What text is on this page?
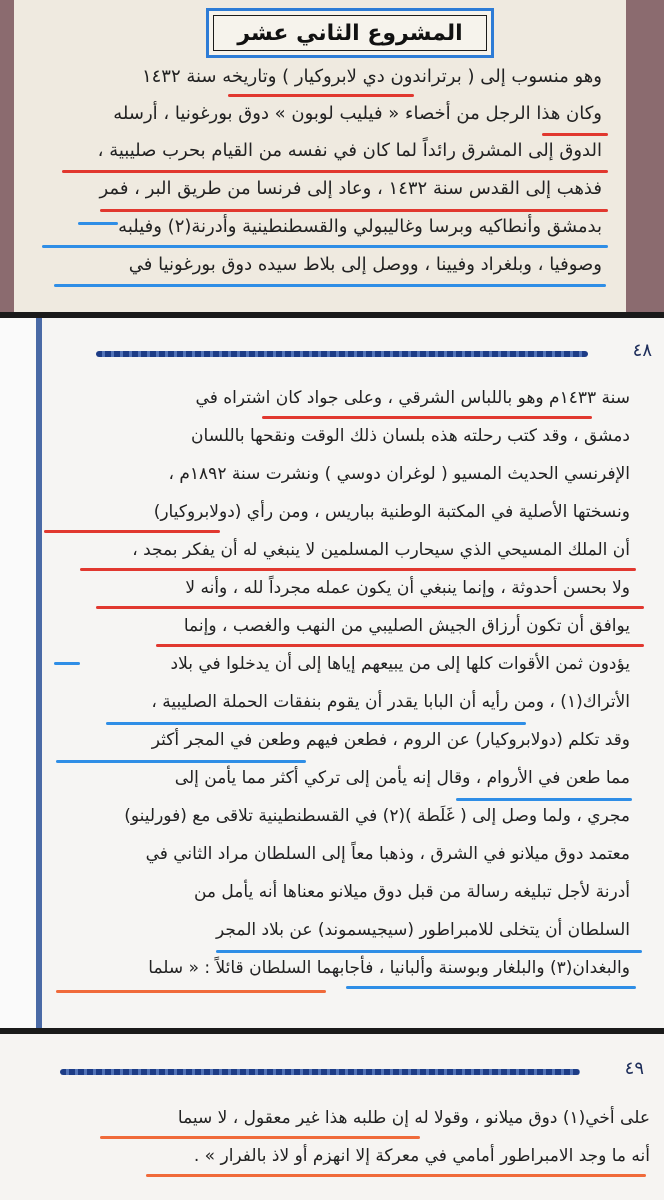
المشروع الثاني عشر
وهو منسوب إلى ( برتراندون دي لابروكيار ) وتاريخه سنة ١٤٣٢
وكان هذا الرجل من أخصاء « فيليب لوبون » دوق بورغونيا ، أرسله
الدوق إلى المشرق رائداً لما كان في نفسه من القيام بحرب صليبية ،
فذهب إلى القدس سنة ١٤٣٢ ، وعاد إلى فرنسا من طريق البر ، فمر
بدمشق وأنطاكيه وبرسا وغاليبولي والقسطنطينية وأدرنة(٢) وفيلبه
وصوفيا ، وبلغراد وفيينا ، ووصل إلى بلاط سيده دوق بورغونيا في
٤٨
سنة ١٤٣٣م وهو باللباس الشرقي ، وعلى جواد كان اشتراه في
دمشق ، وقد كتب رحلته هذه بلسان ذلك الوقت ونقحها باللسان
الإفرنسي الحديث المسيو ( لوغران دوسي ) ونشرت سنة ١٨٩٢م ،
ونسختها الأصلية في المكتبة الوطنية بباريس ، ومن رأي (دولابروكيار)
أن الملك المسيحي الذي سيحارب المسلمين لا ينبغي له أن يفكر بمجد ،
ولا بحسن أحدوثة ، وإنما ينبغي أن يكون عمله مجرداً لله ، وأنه لا
يوافق أن تكون أرزاق الجيش الصليبي من النهب والغصب ، وإنما
يؤدون ثمن الأقوات كلها إلى من يبيعهم إياها إلى أن يدخلوا في بلاد
الأتراك(١) ، ومن رأيه أن البابا يقدر أن يقوم بنفقات الحملة الصليبية ،
وقد تكلم (دولابروكيار) عن الروم ، فطعن فيهم وطعن في المجر أكثر
مما طعن في الأروام ، وقال إنه يأمن إلى تركي أكثر مما يأمن إلى
مجري ، ولما وصل إلى ( غَلَطة )(٢) في القسطنطينية تلاقى مع (فورلينو)
معتمد دوق ميلانو في الشرق ، وذهبا معاً إلى السلطان مراد الثاني في
أدرنة لأجل تبليغه رسالة من قبل دوق ميلانو معناها أنه يأمل من
السلطان أن يتخلى للامبراطور (سيجيسموند) عن بلاد المجر
والبغدان(٣) والبلغار وبوسنة وألبانيا ، فأجابهما السلطان قائلاً : « سلما
٤٩
على أخي(١) دوق ميلانو ، وقولا له إن طلبه هذا غير معقول ، لا سيما
أنه ما وجد الامبراطور أمامي في معركة إلا انهزم أو لاذ بالفرار » .
